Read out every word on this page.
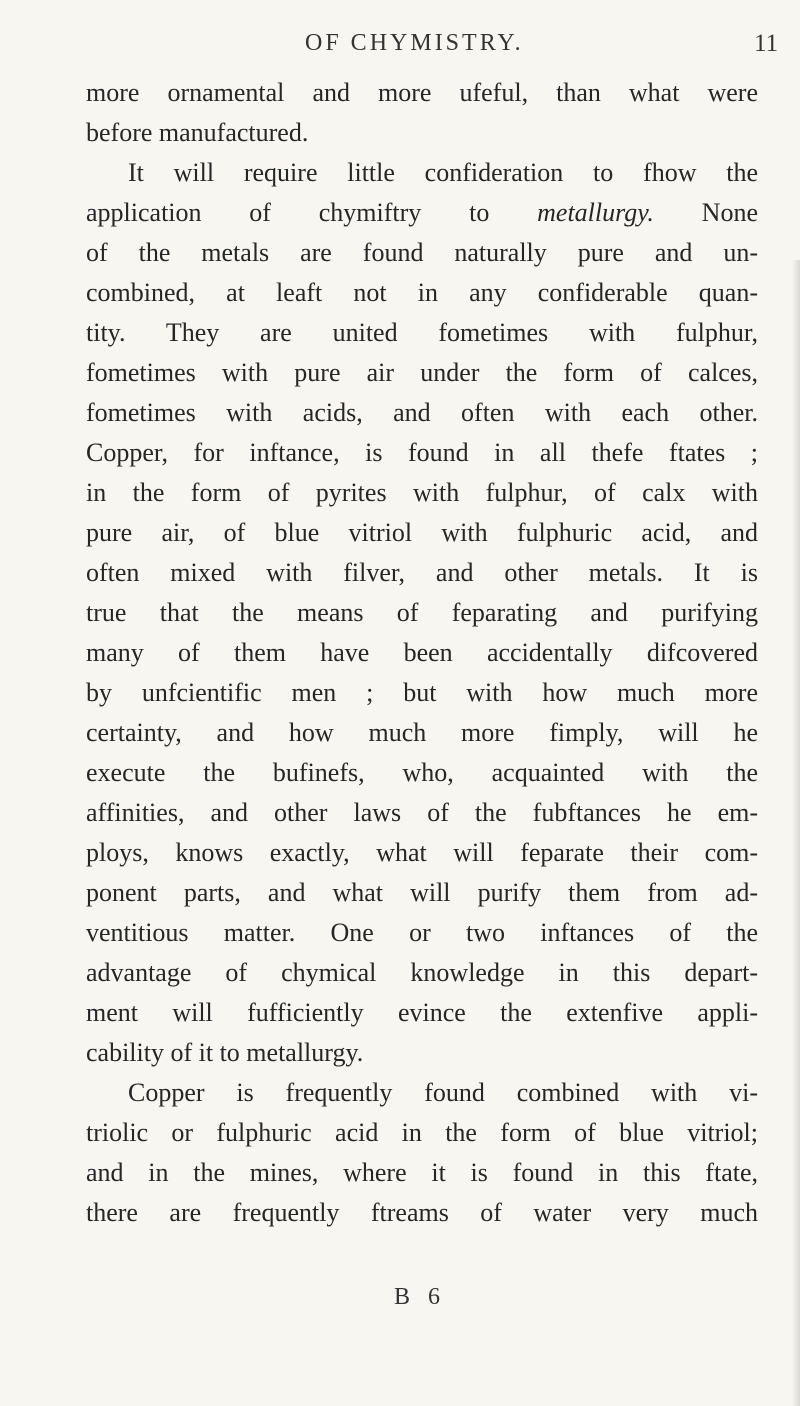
OF CHYMISTRY.	11
more ornamental and more ufeful, than what were
before manufactured.
It will require little confideration to fhow the
application of chymiftry to metallurgy. None
of the metals are found naturally pure and un-
combined, at leaft not in any confiderable quan-
tity. They are united fometimes with fulphur,
fometimes with pure air under the form of calces,
fometimes with acids, and often with each other.
Copper, for inftance, is found in all thefe ftates ;
in the form of pyrites with fulphur, of calx with
pure air, of blue vitriol with fulphuric acid, and
often mixed with filver, and other metals. It is
true that the means of feparating and purifying
many of them have been accidentally difcovered
by unfcientific men ; but with how much more
certainty, and how much more fimply, will he
execute the bufinefs, who, acquainted with the
affinities, and other laws of the fubftances he em-
ploys, knows exactly, what will feparate their com-
ponent parts, and what will purify them from ad-
ventitious matter. One or two inftances of the
advantage of chymical knowledge in this depart-
ment will fufficiently evince the extenfive appli-
cability of it to metallurgy.
Copper is frequently found combined with vi-
triolic or fulphuric acid in the form of blue vitriol;
and in the mines, where it is found in this ftate,
there are frequently ftreams of water very much
B 6
